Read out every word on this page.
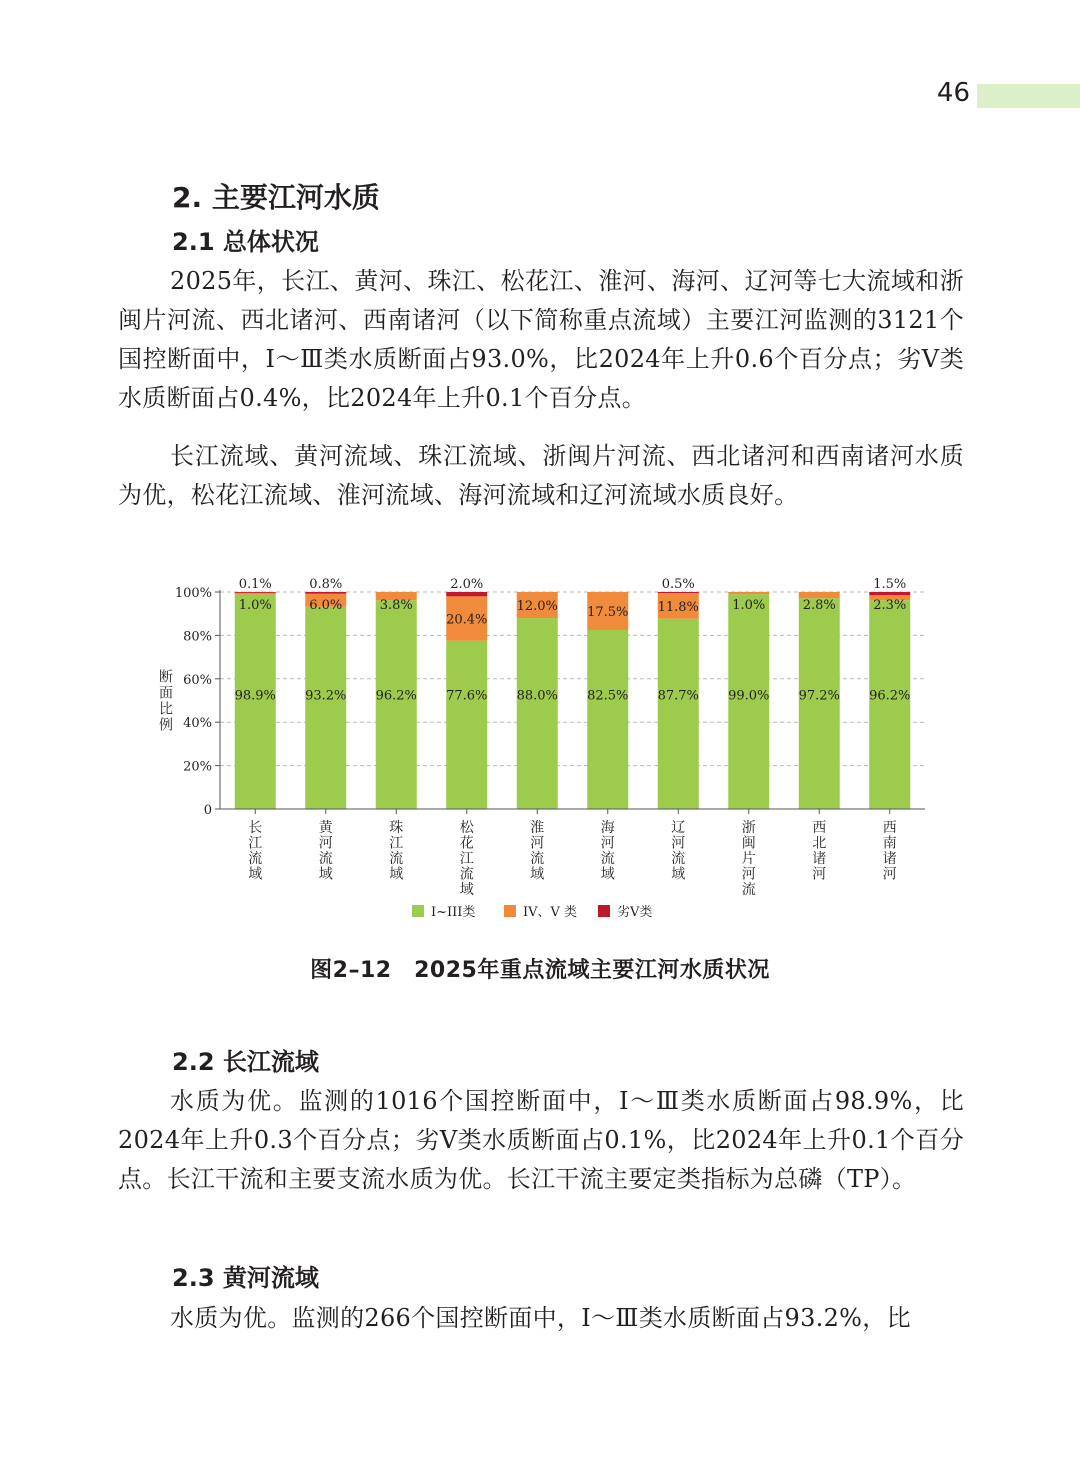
46
2. 主要江河水质
2.1 总体状况

2025年，长江、黄河、珠江、松花江、淮河、海河、辽河等七大流域和浙闽片河流、西北诸河、西南诸河（以下简称重点流域）主要江河监测的3121个国控断面中，Ⅰ～Ⅲ类水质断面占93.0%，比2024年上升0.6个百分点；劣Ⅴ类水质断面占0.4%，比2024年上升0.1个百分点。

长江流域、黄河流域、珠江流域、浙闽片河流、西北诸河和西南诸河水质为优，松花江流域、淮河流域、海河流域和辽河流域水质良好。

0
20%
40%
60%
80%
100%
断
面
比
例
98.9%
1.0%
0.1%
长
江
流
域
93.2%
6.0%
0.8%
黄
河
流
域
96.2%
3.8%
珠
江
流
域
77.6%
20.4%
2.0%
松
花
江
流
域
88.0%
12.0%
淮
河
流
域
82.5%
17.5%
海
河
流
域
87.7%
11.8%
0.5%
辽
河
流
域
99.0%
1.0%
浙
闽
片
河
流
97.2%
2.8%
西
北
诸
河
96.2%
2.3%
1.5%
西
南
诸
河
I~III类	IV、V 类	劣V类
图2–12　2025年重点流域主要江河水质状况
2.2 长江流域

水质为优。监测的1016个国控断面中，Ⅰ～Ⅲ类水质断面占98.9%，比2024年上升0.3个百分点；劣Ⅴ类水质断面占0.1%，比2024年上升0.1个百分点。长江干流和主要支流水质为优。长江干流主要定类指标为总磷（TP）。

2.3 黄河流域

水质为优。监测的266个国控断面中，Ⅰ～Ⅲ类水质断面占93.2%，比
